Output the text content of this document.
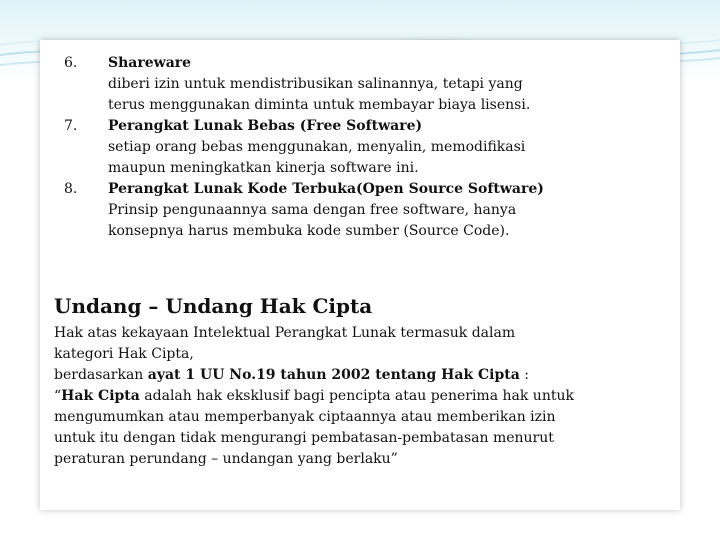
6.	Shareware
diberi izin untuk mendistribusikan salinannya, tetapi yang
terus menggunakan diminta untuk membayar biaya lisensi.
7.	Perangkat Lunak Bebas (Free Software)
setiap orang bebas menggunakan, menyalin, memodifikasi
maupun meningkatkan kinerja software ini.
8.	Perangkat Lunak Kode Terbuka(Open Source Software)
Prinsip pengunaannya sama dengan free software, hanya
konsepnya harus membuka kode sumber (Source Code).
Undang – Undang Hak Cipta
Hak atas kekayaan Intelektual Perangkat Lunak termasuk dalam
kategori Hak Cipta,
berdasarkan ayat 1 UU No.19 tahun 2002 tentang Hak Cipta :
“Hak Cipta adalah hak eksklusif bagi pencipta atau penerima hak untuk
mengumumkan atau memperbanyak ciptaannya atau memberikan izin
untuk itu dengan tidak mengurangi pembatasan-pembatasan menurut
peraturan perundang – undangan yang berlaku”
